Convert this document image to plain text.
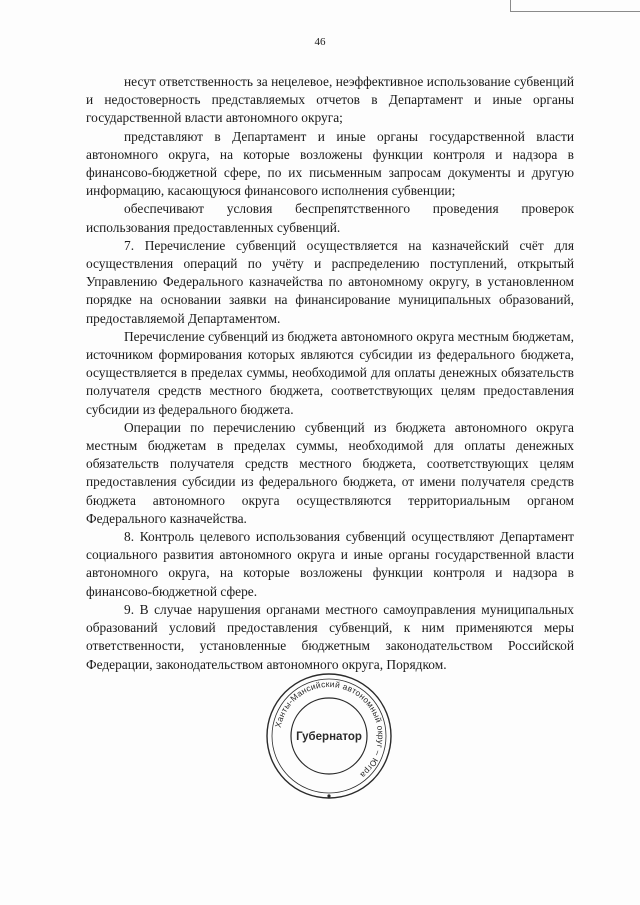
46

несут ответственность за нецелевое, неэффективное использование субвенций и недостоверность представляемых отчетов в Департамент и иные органы государственной власти автономного округа;

представляют в Департамент и иные органы государственной власти автономного округа, на которые возложены функции контроля и надзора в финансово-бюджетной сфере, по их письменным запросам документы и другую информацию, касающуюся финансового исполнения субвенции;

обеспечивают условия беспрепятственного проведения проверок использования предоставленных субвенций.

7. Перечисление субвенций осуществляется на казначейский счёт для осуществления операций по учёту и распределению поступлений, открытый Управлению Федерального казначейства по автономному округу, в установленном порядке на основании заявки на финансирование муниципальных образований, предоставляемой Департаментом.

Перечисление субвенций из бюджета автономного округа местным бюджетам, источником формирования которых являются субсидии из федерального бюджета, осуществляется в пределах суммы, необходимой для оплаты денежных обязательств получателя средств местного бюджета, соответствующих целям предоставления субсидии из федерального бюджета.

Операции по перечислению субвенций из бюджета автономного округа местным бюджетам в пределах суммы, необходимой для оплаты денежных обязательств получателя средств местного бюджета, соответствующих целям предоставления субсидии из федерального бюджета, от имени получателя средств бюджета автономного округа осуществляются территориальным органом Федерального казначейства.

8. Контроль целевого использования субвенций осуществляют Департамент социального развития автономного округа и иные органы государственной власти автономного округа, на которые возложены функции контроля и надзора в финансово-бюджетной сфере.

9. В случае нарушения органами местного самоуправления муниципальных образований условий предоставления субвенций, к ним применяются меры ответственности, установленные бюджетным законодательством Российской Федерации, законодательством автономного округа, Порядком.

Ханты-Мансийский автономный округ – Югра
Губернатор
